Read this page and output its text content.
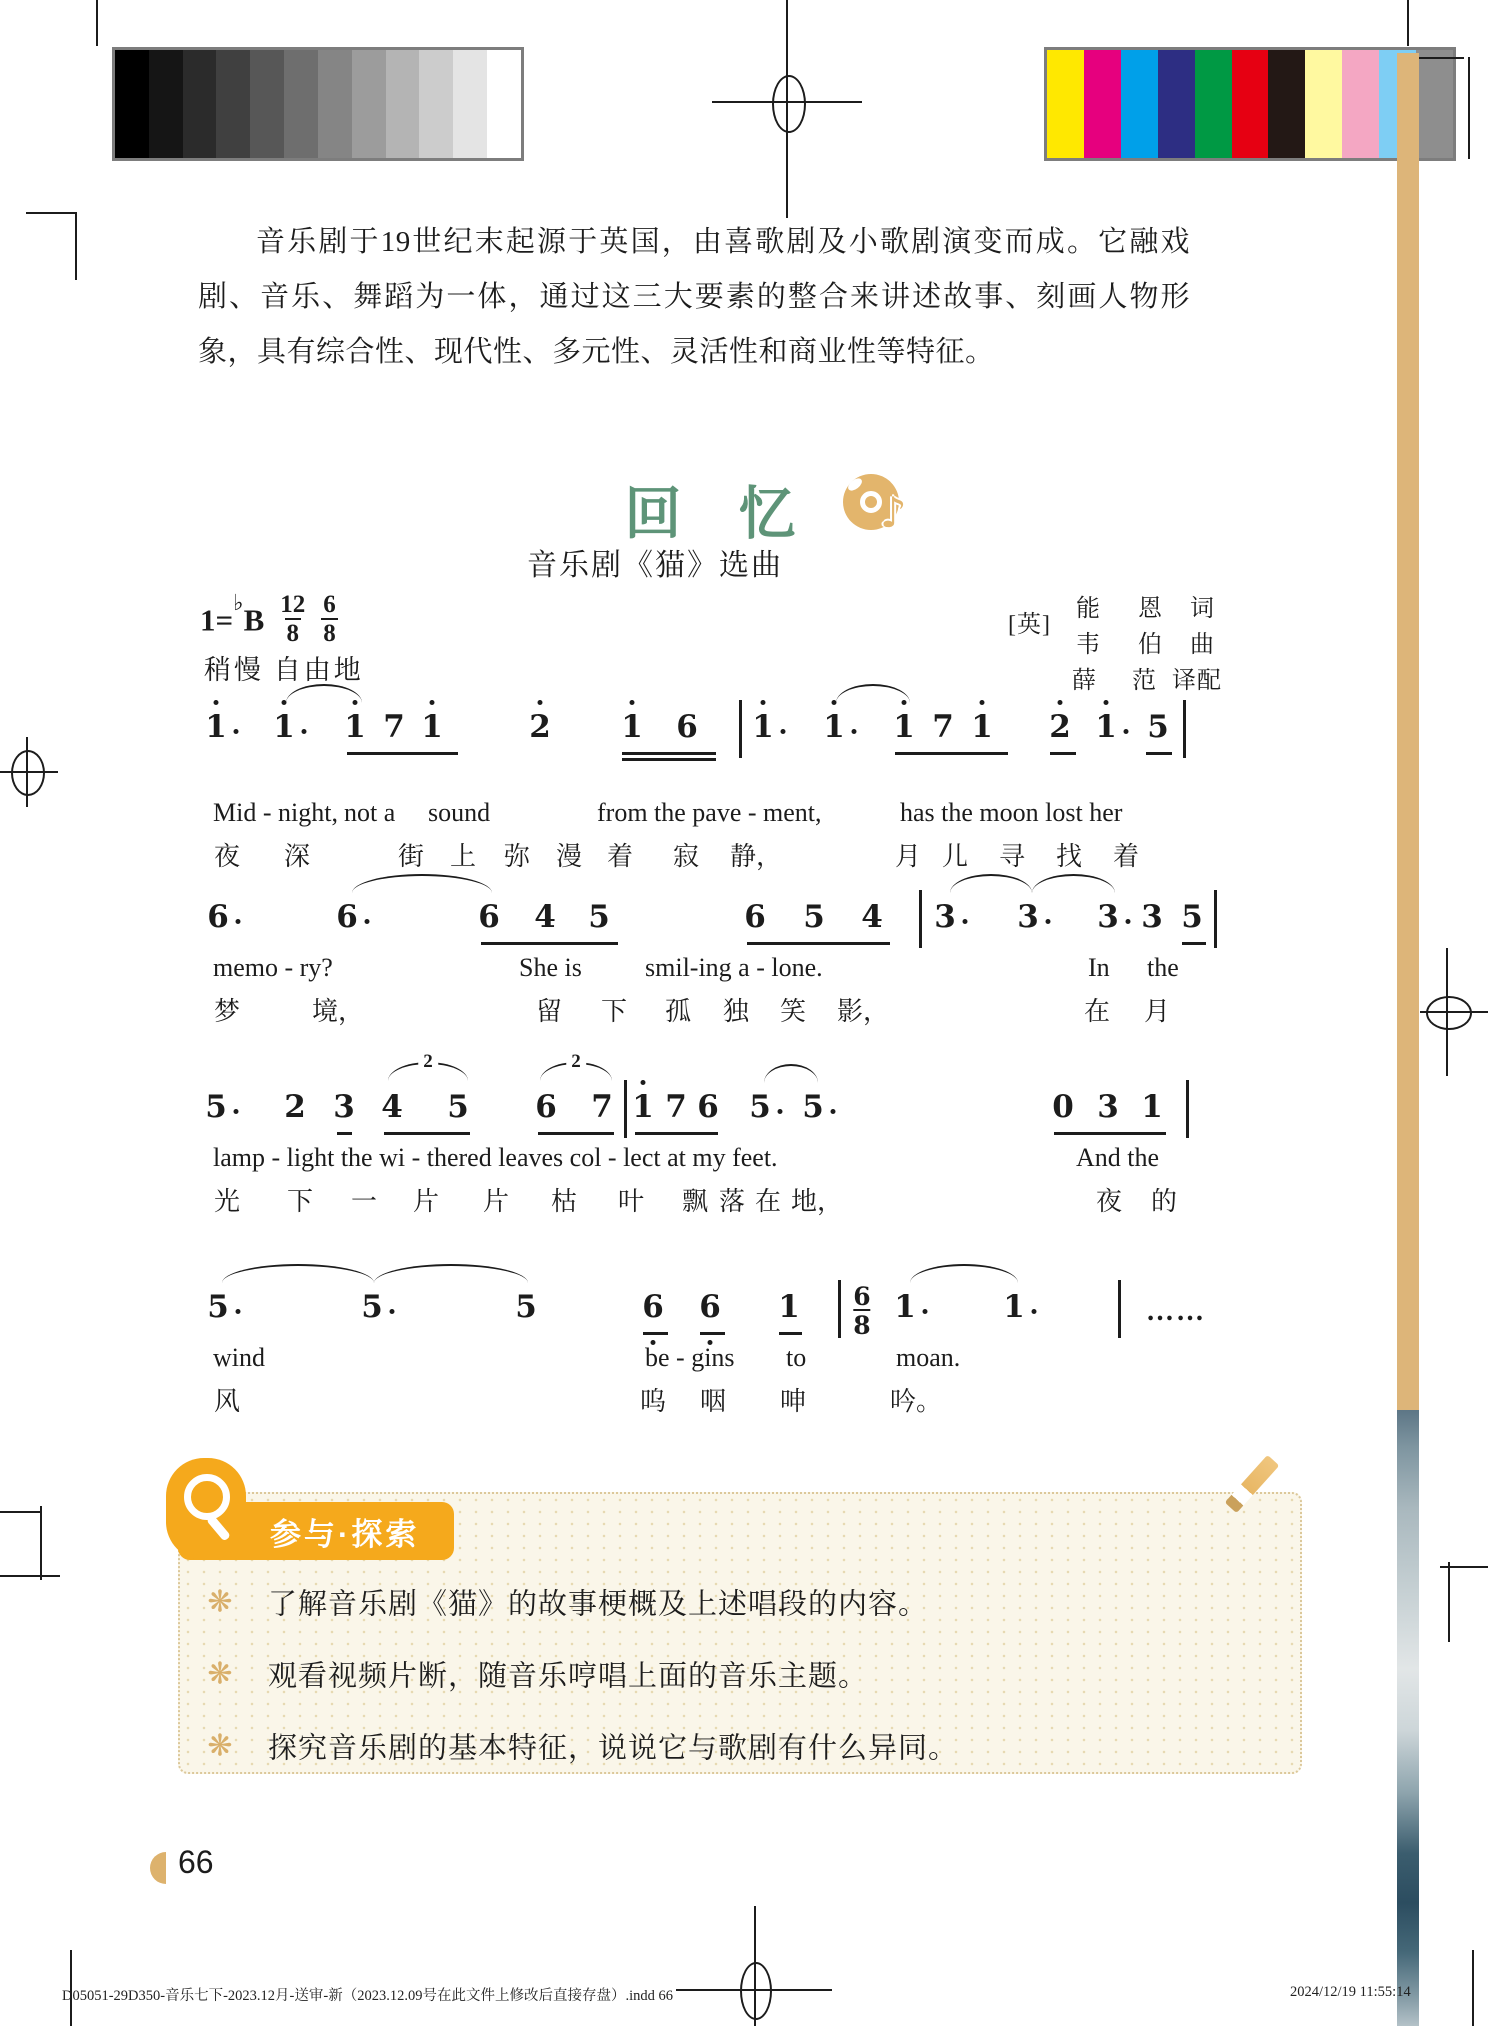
音乐剧于19世纪末起源于英国，由喜歌剧及小歌剧演变而成。它融戏剧、音乐、舞蹈为一体，通过这三大要素的整合来讲述故事、刻画人物形象，具有综合性、现代性、多元性、灵活性和商业性等特征。

回　忆	♪
音乐剧《猫》选曲
$1=^♭B \frac{12}{8} \frac{6}{8}$
稍慢 自由地
[英]
能 恩 词
韦 伯 曲
薛 范 译配
1 1 1 7 1	2 1 6 1 1 1 7 1 2 1 5
Mid - night, not a sound	from the pave - ment,	has the moon lost her
夜 深	街 上 弥 漫 着 寂 静，	月 儿 寻 找 着
6	6	6 4 5	6 5 4 3 3 3 3 5
memo - ry?	She is smil-ing a - lone.	In the
梦	境，	留 下 孤 独 笑 影，	在 月
5 2 3 4 5 6 7 1 7 6 5 5	0 3 1
2	2
lamp - light the wi - thered leaves col - lect at my feet.	And the
光 下 一 片 片 枯 叶 飘 落 在 地，	夜 的
5	5	5	6 6 1	1	1
$\frac{6}{8}$	……
wind	be - gins to	moan.
风	呜 咽 呻	吟。
参与·探索
❋ 了解音乐剧《猫》的故事梗概及上述唱段的内容。
❋ 观看视频片断，随音乐哼唱上面的音乐主题。
❋ 探究音乐剧的基本特征，说说它与歌剧有什么异同。
66
D05051-29D350-音乐七下-2023.12月-送审-新（2023.12.09号在此文件上修改后直接存盘）.indd 66	2024/12/19 11:55:14
